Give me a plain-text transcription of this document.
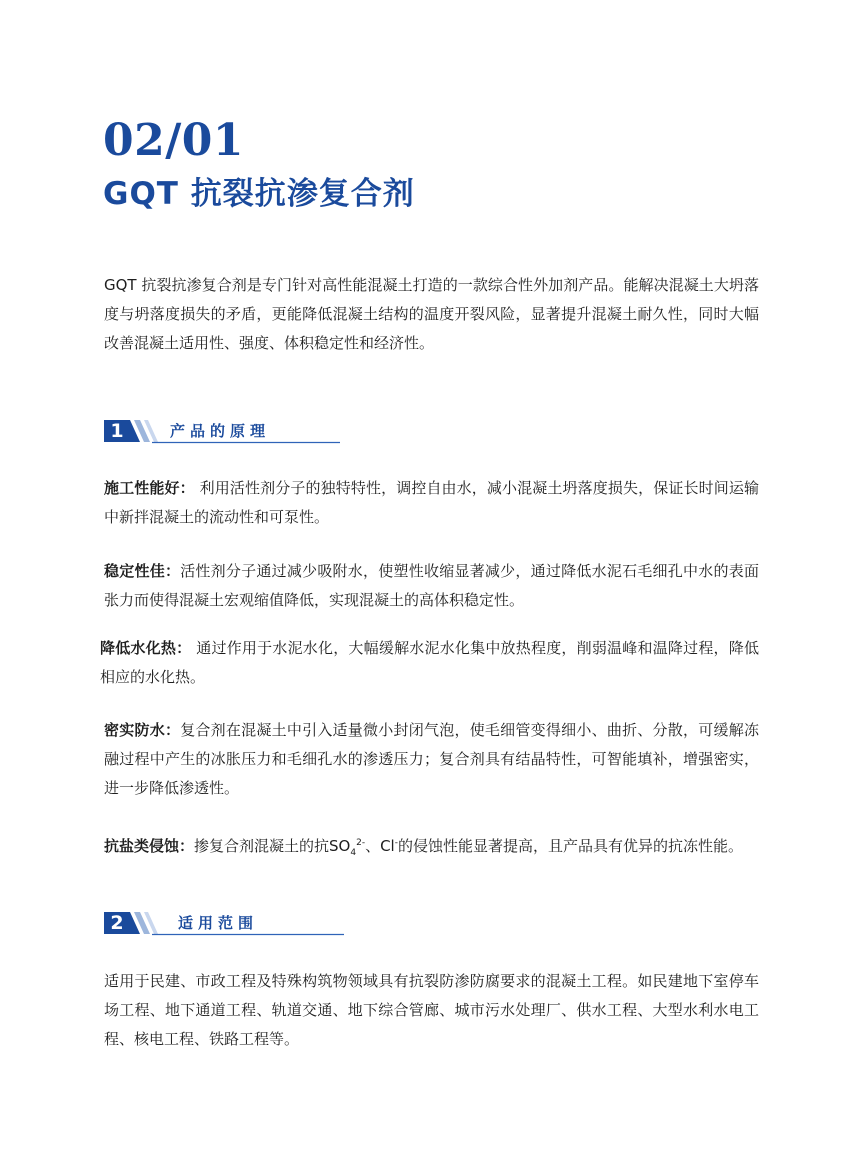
02/01
GQT 抗裂抗渗复合剂

GQT 抗裂抗渗复合剂是专门针对高性能混凝土打造的一款综合性外加剂产品。能解决混凝土大坍落度与坍落度损失的矛盾，更能降低混凝土结构的温度开裂风险，显著提升混凝土耐久性，同时大幅改善混凝土适用性、强度、体积稳定性和经济性。

1	产品的原理

施工性能好： 利用活性剂分子的独特特性，调控自由水，减小混凝土坍落度损失，保证长时间运输中新拌混凝土的流动性和可泵性。

稳定性佳：活性剂分子通过减少吸附水，使塑性收缩显著减少，通过降低水泥石毛细孔中水的表面张力而使得混凝土宏观缩值降低，实现混凝土的高体积稳定性。

降低水化热： 通过作用于水泥水化，大幅缓解水泥水化集中放热程度，削弱温峰和温降过程，降低相应的水化热。

密实防水：复合剂在混凝土中引入适量微小封闭气泡，使毛细管变得细小、曲折、分散，可缓解冻融过程中产生的冰胀压力和毛细孔水的渗透压力；复合剂具有结晶特性，可智能填补，增强密实，进一步降低渗透性。

抗盐类侵蚀：掺复合剂混凝土的抗$SO_4^{2-}$、Cl-的侵蚀性能显著提高，且产品具有优异的抗冻性能。

2	适用范围

适用于民建、市政工程及特殊构筑物领域具有抗裂防渗防腐要求的混凝土工程。如民建地下室停车场工程、地下通道工程、轨道交通、地下综合管廊、城市污水处理厂、供水工程、大型水利水电工程、核电工程、铁路工程等。
